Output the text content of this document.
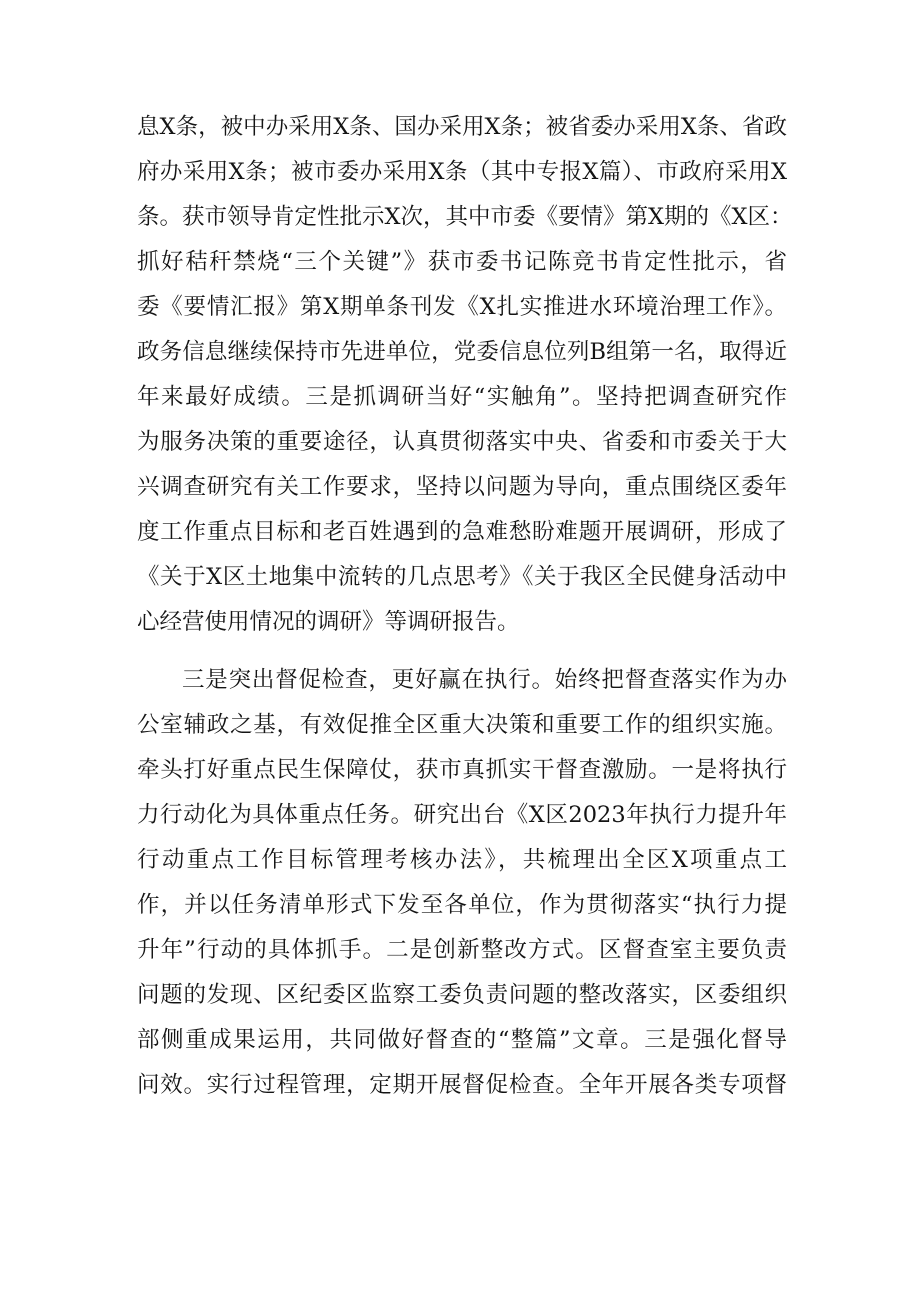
息X条，被中办采用X条、国办采用X条；被省委办采用X条、省政
府办采用X条；被市委办采用X条（其中专报X篇）、市政府采用X
条。获市领导肯定性批示X次，其中市委《要情》第X期的《X区：
抓好秸秆禁烧“三个关键”》获市委书记陈竞书肯定性批示，省
委《要情汇报》第X期单条刊发《X扎实推进水环境治理工作》。
政务信息继续保持市先进单位，党委信息位列B组第一名，取得近
年来最好成绩。三是抓调研当好“实触角”。坚持把调查研究作
为服务决策的重要途径，认真贯彻落实中央、省委和市委关于大
兴调查研究有关工作要求，坚持以问题为导向，重点围绕区委年
度工作重点目标和老百姓遇到的急难愁盼难题开展调研，形成了
《关于X区土地集中流转的几点思考》《关于我区全民健身活动中
心经营使用情况的调研》等调研报告。
三是突出督促检查，更好赢在执行。始终把督查落实作为办
公室辅政之基，有效促推全区重大决策和重要工作的组织实施。
牵头打好重点民生保障仗，获市真抓实干督查激励。一是将执行
力行动化为具体重点任务。研究出台《X区2023年执行力提升年
行动重点工作目标管理考核办法》，共梳理出全区X项重点工
作，并以任务清单形式下发至各单位，作为贯彻落实“执行力提
升年”行动的具体抓手。二是创新整改方式。区督查室主要负责
问题的发现、区纪委区监察工委负责问题的整改落实，区委组织
部侧重成果运用，共同做好督查的“整篇”文章。三是强化督导
问效。实行过程管理，定期开展督促检查。全年开展各类专项督
